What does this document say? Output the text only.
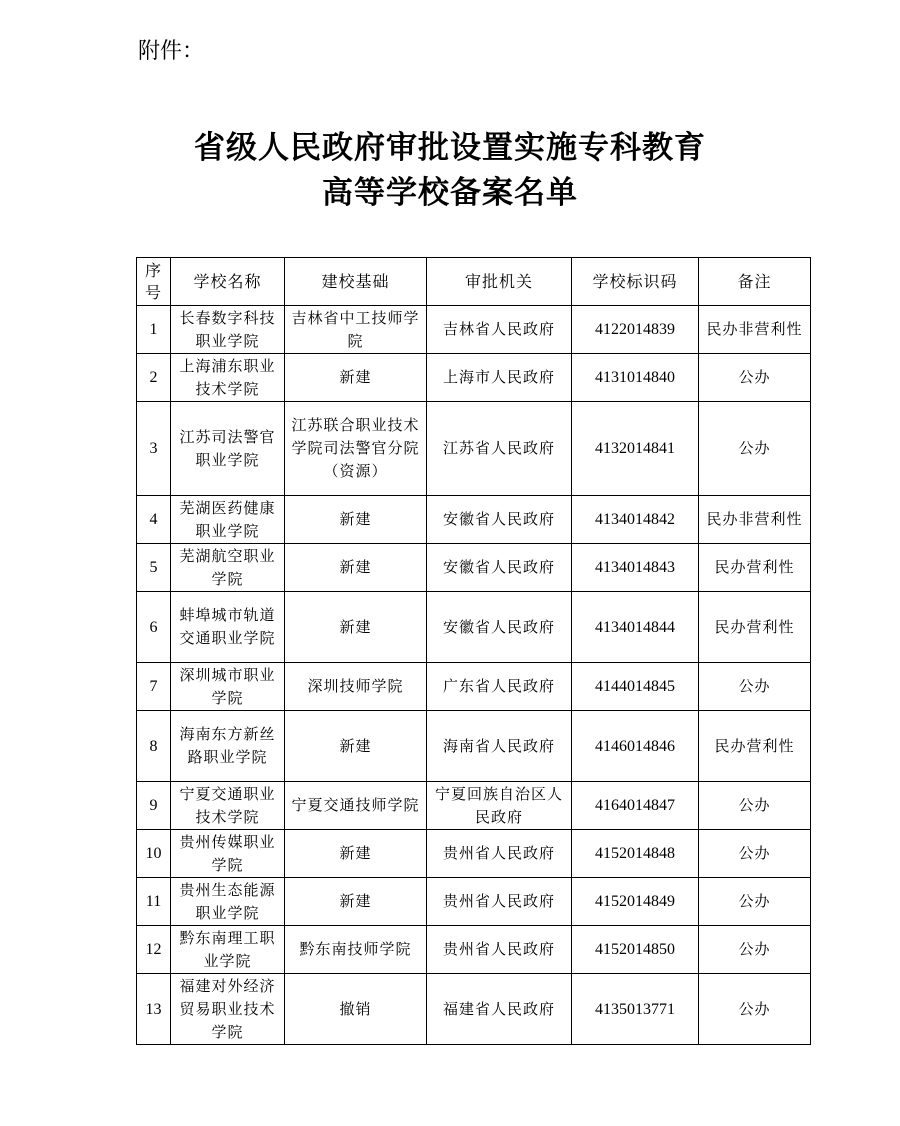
附件：
省级人民政府审批设置实施专科教育
高等学校备案名单
序号	学校名称	建校基础	审批机关	学校标识码	备注
1	长春数字科技职业学院	吉林省中工技师学院	吉林省人民政府	4122014839	民办非营利性
2	上海浦东职业技术学院	新建	上海市人民政府	4131014840	公办
3	江苏司法警官职业学院	江苏联合职业技术学院司法警官分院（资源）	江苏省人民政府	4132014841	公办
4	芜湖医药健康职业学院	新建	安徽省人民政府	4134014842	民办非营利性
5	芜湖航空职业学院	新建	安徽省人民政府	4134014843	民办营利性
6	蚌埠城市轨道交通职业学院	新建	安徽省人民政府	4134014844	民办营利性
7	深圳城市职业学院	深圳技师学院	广东省人民政府	4144014845	公办
8	海南东方新丝路职业学院	新建	海南省人民政府	4146014846	民办营利性
9	宁夏交通职业技术学院	宁夏交通技师学院	宁夏回族自治区人民政府	4164014847	公办
10	贵州传媒职业学院	新建	贵州省人民政府	4152014848	公办
11	贵州生态能源职业学院	新建	贵州省人民政府	4152014849	公办
12	黔东南理工职业学院	黔东南技师学院	贵州省人民政府	4152014850	公办
13	福建对外经济贸易职业技术学院	撤销	福建省人民政府	4135013771	公办
